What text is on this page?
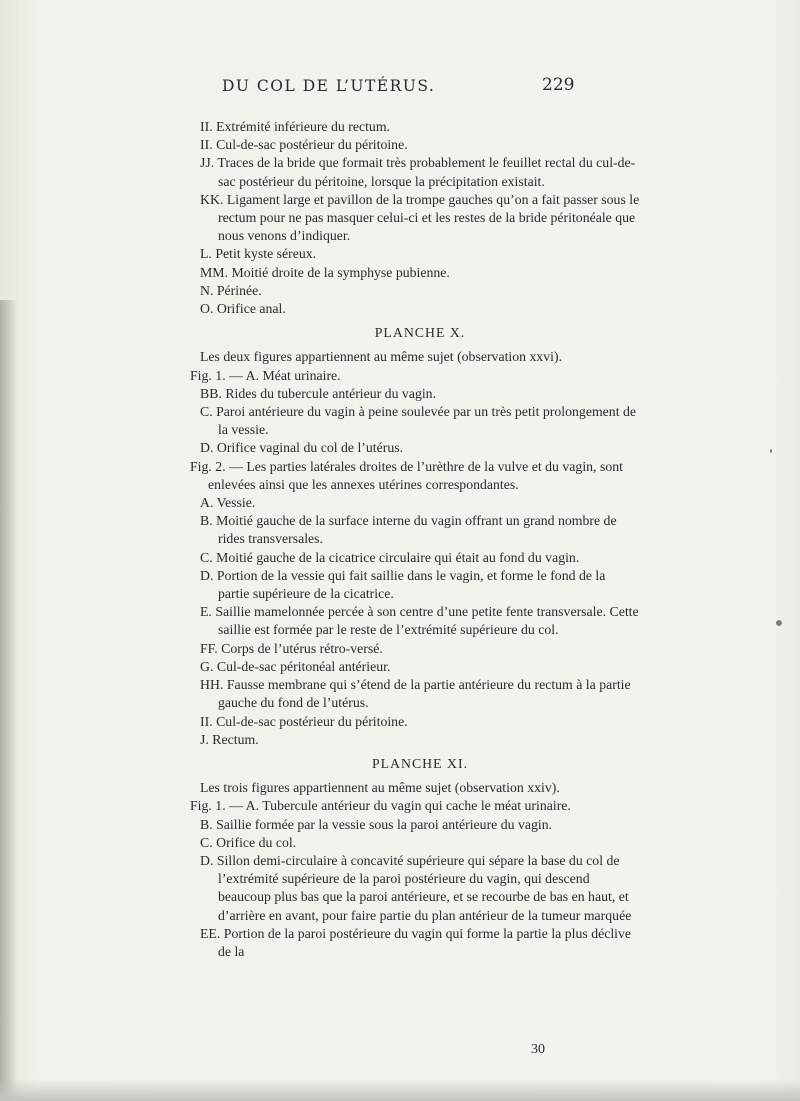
DU COL DE L’UTÉRUS.	229

II. Extrémité inférieure du rectum.

II. Cul-de-sac postérieur du péritoine.

JJ. Traces de la bride que formait très probablement le feuillet rectal du cul-de-sac postérieur du péritoine, lorsque la précipitation existait.

KK. Ligament large et pavillon de la trompe gauches qu’on a fait passer sous le rectum pour ne pas masquer celui-ci et les restes de la bride péritonéale que nous venons d’indiquer.

L. Petit kyste séreux.

MM. Moitié droite de la symphyse pubienne.

N. Périnée.

O. Orifice anal.

PLANCHE X.

Les deux figures appartiennent au même sujet (observation xxvi).

Fig. 1. — A. Méat urinaire.

BB. Rides du tubercule antérieur du vagin.

C. Paroi antérieure du vagin à peine soulevée par un très petit prolongement de la vessie.

D. Orifice vaginal du col de l’utérus.

Fig. 2. — Les parties latérales droites de l’urèthre de la vulve et du vagin, sont enlevées ainsi que les annexes utérines correspondantes.

A. Vessie.

B. Moitié gauche de la surface interne du vagin offrant un grand nombre de rides transversales.

C. Moitié gauche de la cicatrice circulaire qui était au fond du vagin.

D. Portion de la vessie qui fait saillie dans le vagin, et forme le fond de la partie supérieure de la cicatrice.

E. Saillie mamelonnée percée à son centre d’une petite fente transversale. Cette saillie est formée par le reste de l’extrémité supérieure du col.

FF. Corps de l’utérus rétro-versé.

G. Cul-de-sac péritonéal antérieur.

HH. Fausse membrane qui s’étend de la partie antérieure du rectum à la partie gauche du fond de l’utérus.

II. Cul-de-sac postérieur du péritoine.

J. Rectum.

PLANCHE XI.

Les trois figures appartiennent au même sujet (observation xxiv).

Fig. 1. — A. Tubercule antérieur du vagin qui cache le méat urinaire.

B. Saillie formée par la vessie sous la paroi antérieure du vagin.

C. Orifice du col.

D. Sillon demi-circulaire à concavité supérieure qui sépare la base du col de l’extrémité supérieure de la paroi postérieure du vagin, qui descend beaucoup plus bas que la paroi antérieure, et se recourbe de bas en haut, et d’arrière en avant, pour faire partie du plan antérieur de la tumeur marquée

EE. Portion de la paroi postérieure du vagin qui forme la partie la plus déclive de la

30
